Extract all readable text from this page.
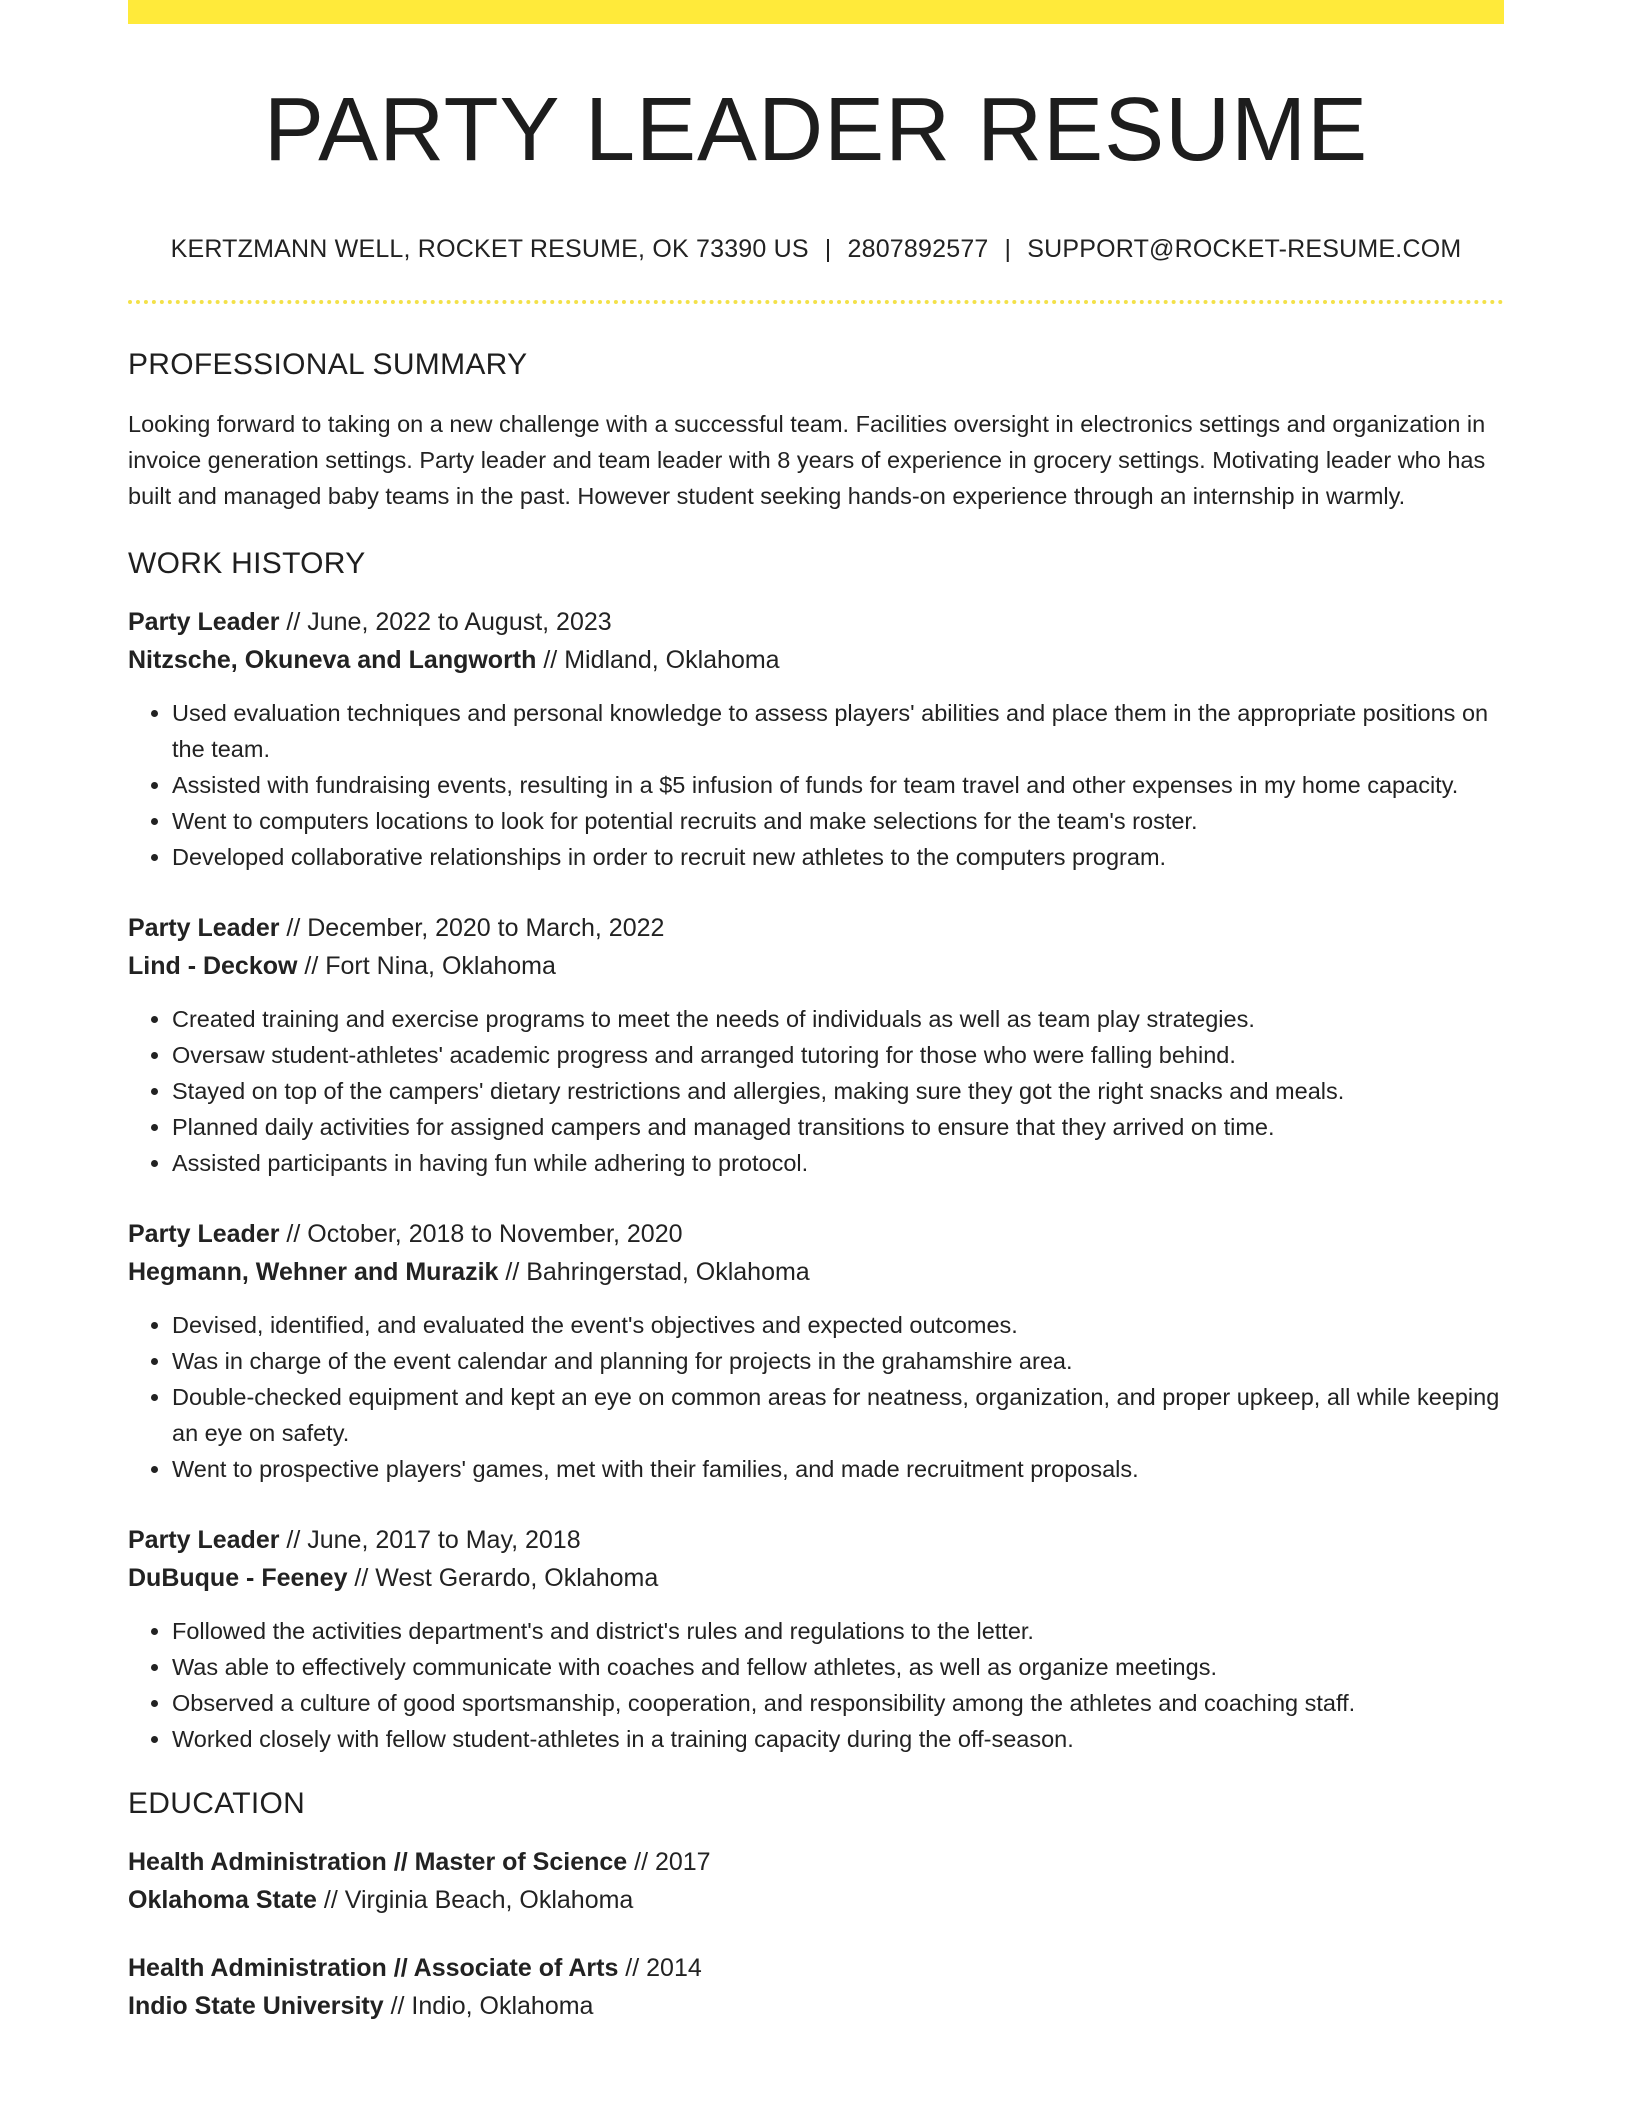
PARTY LEADER RESUME
KERTZMANN WELL, ROCKET RESUME, OK 73390 US | 2807892577 | SUPPORT@ROCKET-RESUME.COM
PROFESSIONAL SUMMARY

Looking forward to taking on a new challenge with a successful team. Facilities oversight in electronics settings and organization in invoice generation settings. Party leader and team leader with 8 years of experience in grocery settings. Motivating leader who has built and managed baby teams in the past. However student seeking hands-on experience through an internship in warmly.

WORK HISTORY
Party Leader // June, 2022 to August, 2023
Nitzsche, Okuneva and Langworth // Midland, Oklahoma
• Used evaluation techniques and personal knowledge to assess players' abilities and place them in the appropriate positions on the team.
• Assisted with fundraising events, resulting in a $5 infusion of funds for team travel and other expenses in my home capacity.
• Went to computers locations to look for potential recruits and make selections for the team's roster.
• Developed collaborative relationships in order to recruit new athletes to the computers program.
Party Leader // December, 2020 to March, 2022
Lind - Deckow // Fort Nina, Oklahoma
• Created training and exercise programs to meet the needs of individuals as well as team play strategies.
• Oversaw student-athletes' academic progress and arranged tutoring for those who were falling behind.
• Stayed on top of the campers' dietary restrictions and allergies, making sure they got the right snacks and meals.
• Planned daily activities for assigned campers and managed transitions to ensure that they arrived on time.
• Assisted participants in having fun while adhering to protocol.
Party Leader // October, 2018 to November, 2020
Hegmann, Wehner and Murazik // Bahringerstad, Oklahoma
• Devised, identified, and evaluated the event's objectives and expected outcomes.
• Was in charge of the event calendar and planning for projects in the grahamshire area.
• Double-checked equipment and kept an eye on common areas for neatness, organization, and proper upkeep, all while keeping an eye on safety.
• Went to prospective players' games, met with their families, and made recruitment proposals.
Party Leader // June, 2017 to May, 2018
DuBuque - Feeney // West Gerardo, Oklahoma
• Followed the activities department's and district's rules and regulations to the letter.
• Was able to effectively communicate with coaches and fellow athletes, as well as organize meetings.
• Observed a culture of good sportsmanship, cooperation, and responsibility among the athletes and coaching staff.
• Worked closely with fellow student-athletes in a training capacity during the off-season.
EDUCATION
Health Administration // Master of Science // 2017
Oklahoma State // Virginia Beach, Oklahoma
Health Administration // Associate of Arts // 2014
Indio State University // Indio, Oklahoma
